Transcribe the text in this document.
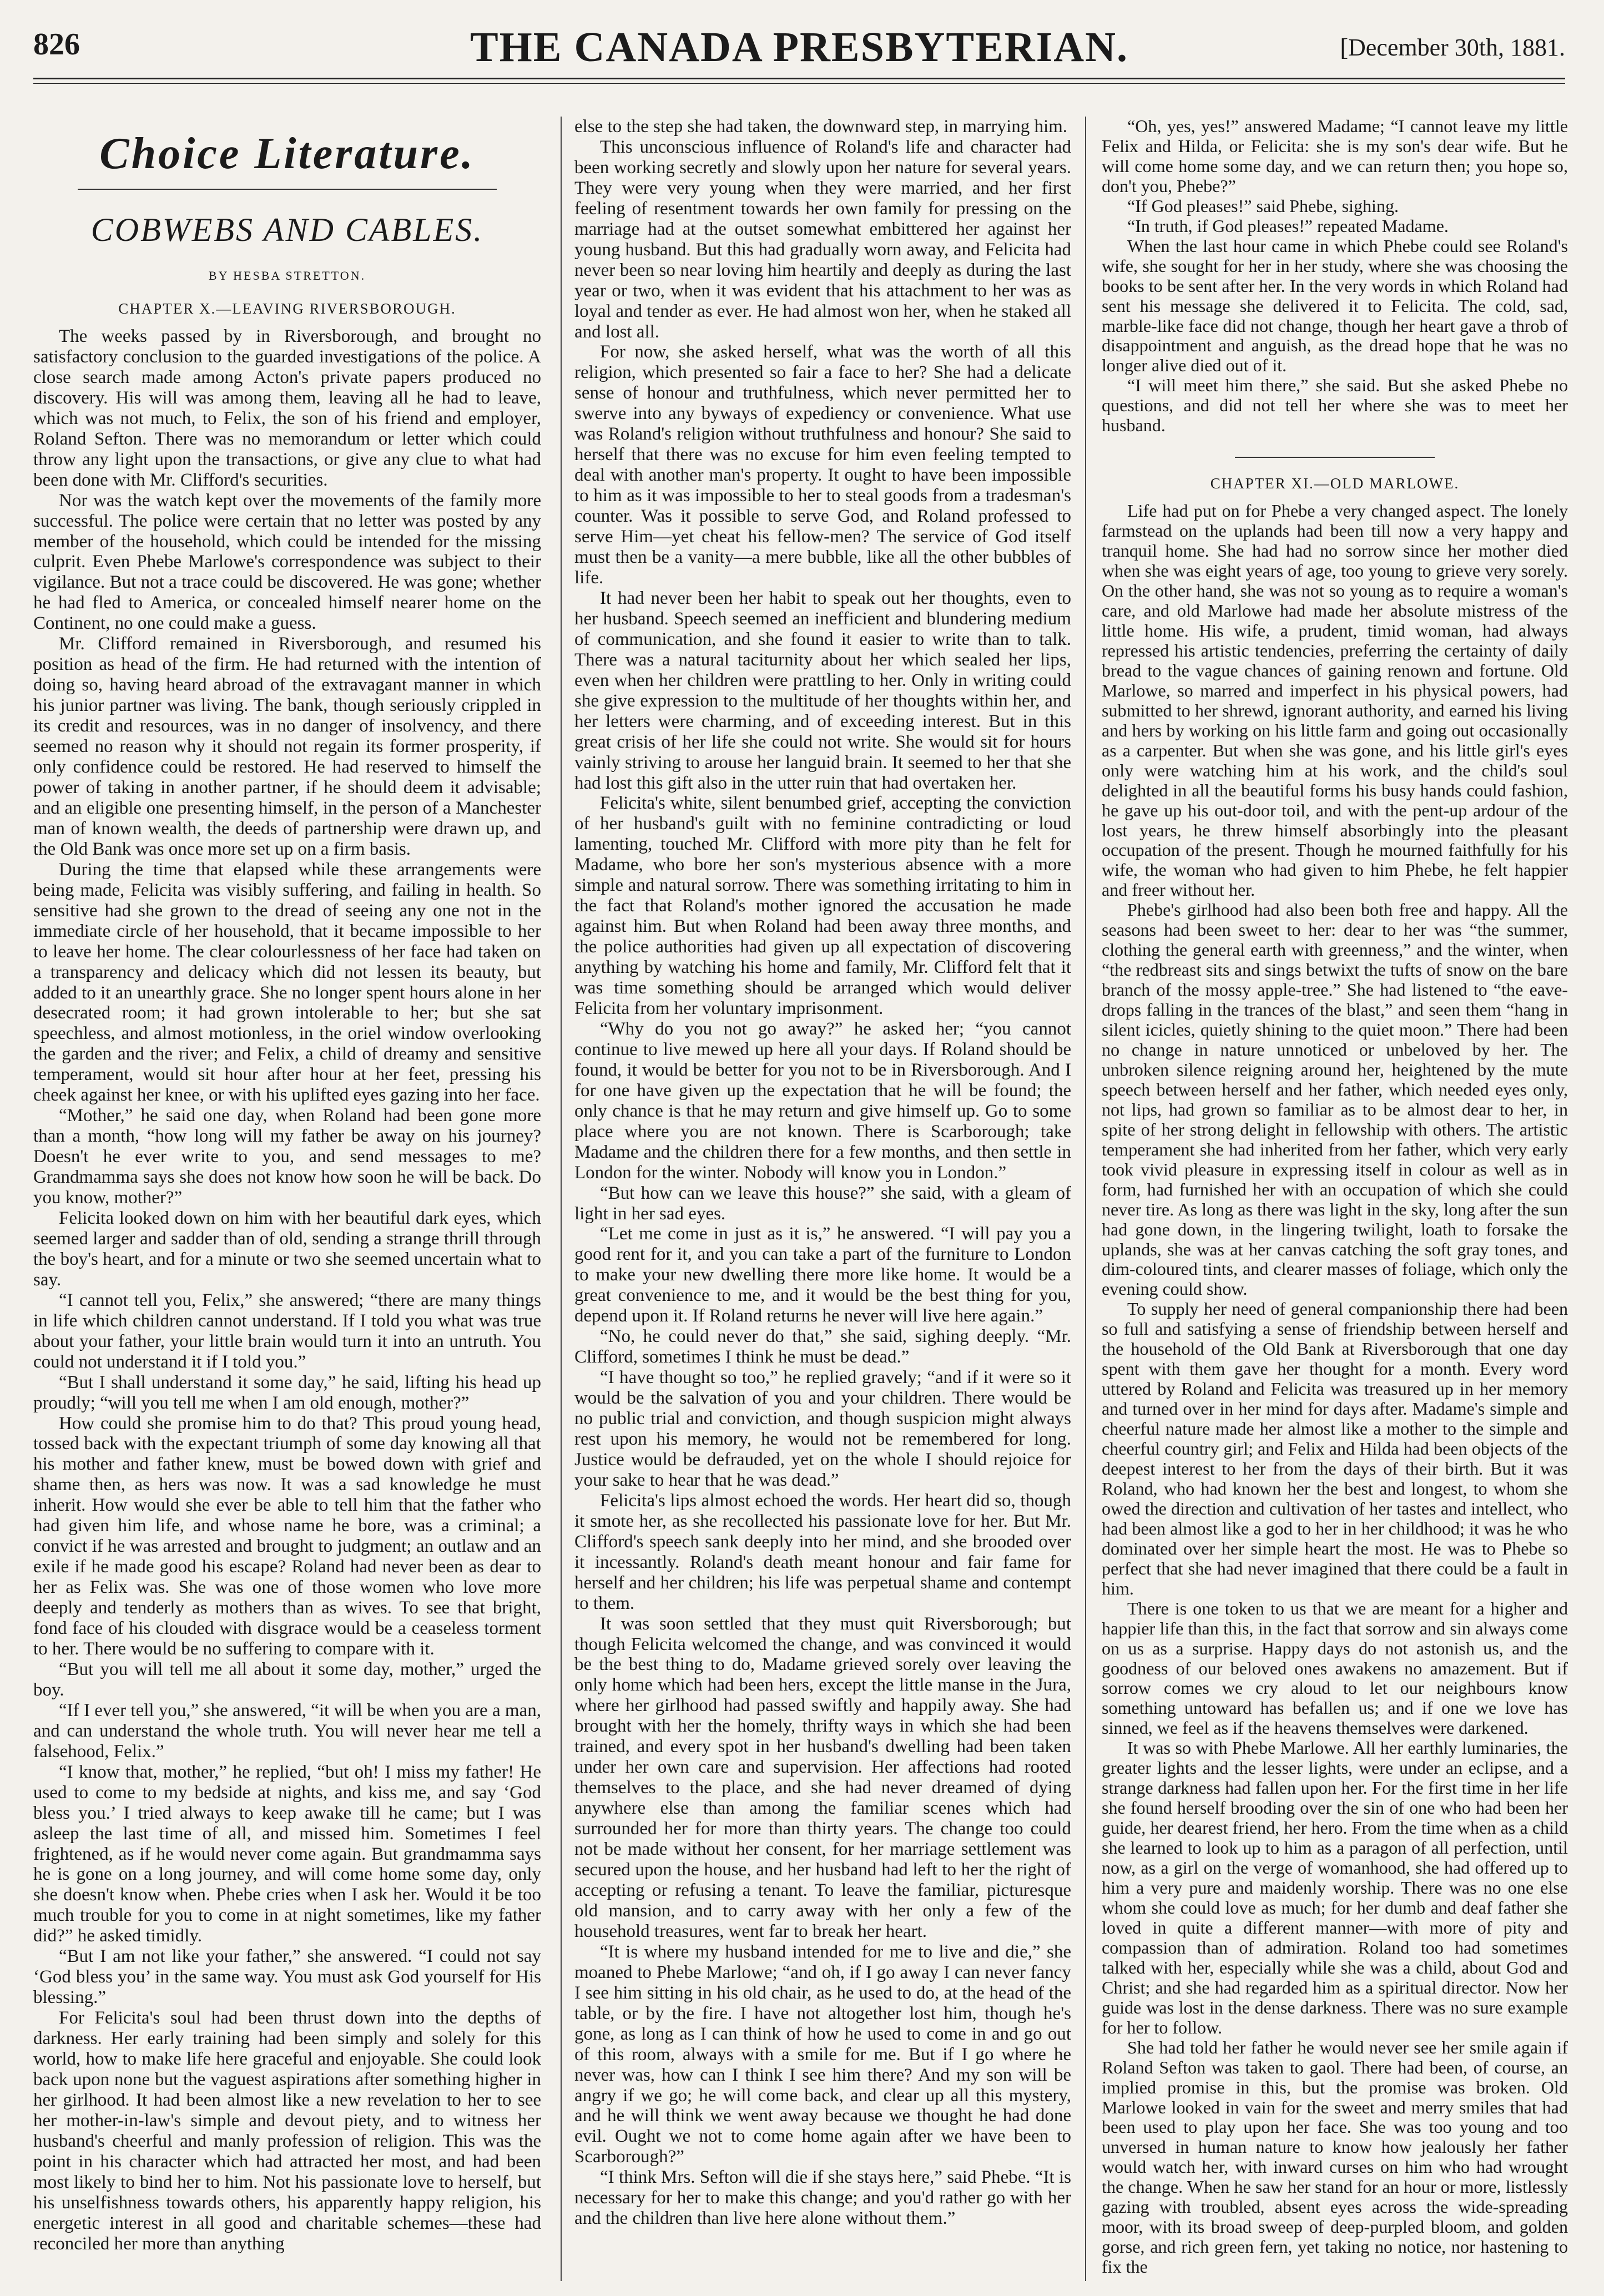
826	THE CANADA PRESBYTERIAN.	[December 30th, 1881.
Choice Literature.
COBWEBS AND CABLES.
BY HESBA STRETTON.
CHAPTER X.—LEAVING RIVERSBOROUGH.

The weeks passed by in Riversborough, and brought no satisfactory conclusion to the guarded investigations of the police. A close search made among Acton's private papers produced no discovery. His will was among them, leaving all he had to leave, which was not much, to Felix, the son of his friend and employer, Roland Sefton. There was no memorandum or letter which could throw any light upon the transactions, or give any clue to what had been done with Mr. Clifford's securities.

Nor was the watch kept over the movements of the family more successful. The police were certain that no letter was posted by any member of the household, which could be intended for the missing culprit. Even Phebe Marlowe's correspondence was subject to their vigilance. But not a trace could be discovered. He was gone; whether he had fled to America, or concealed himself nearer home on the Continent, no one could make a guess.

Mr. Clifford remained in Riversborough, and resumed his position as head of the firm. He had returned with the intention of doing so, having heard abroad of the extravagant manner in which his junior partner was living. The bank, though seriously crippled in its credit and resources, was in no danger of insolvency, and there seemed no reason why it should not regain its former prosperity, if only confidence could be restored. He had reserved to himself the power of taking in another partner, if he should deem it advisable; and an eligible one presenting himself, in the person of a Manchester man of known wealth, the deeds of partnership were drawn up, and the Old Bank was once more set up on a firm basis.

During the time that elapsed while these arrangements were being made, Felicita was visibly suffering, and failing in health. So sensitive had she grown to the dread of seeing any one not in the immediate circle of her household, that it became impossible to her to leave her home. The clear colourlessness of her face had taken on a transparency and delicacy which did not lessen its beauty, but added to it an unearthly grace. She no longer spent hours alone in her desecrated room; it had grown intolerable to her; but she sat speechless, and almost motionless, in the oriel window overlooking the garden and the river; and Felix, a child of dreamy and sensitive temperament, would sit hour after hour at her feet, pressing his cheek against her knee, or with his uplifted eyes gazing into her face.

“Mother,” he said one day, when Roland had been gone more than a month, “how long will my father be away on his journey? Doesn't he ever write to you, and send messages to me? Grandmamma says she does not know how soon he will be back. Do you know, mother?”

Felicita looked down on him with her beautiful dark eyes, which seemed larger and sadder than of old, sending a strange thrill through the boy's heart, and for a minute or two she seemed uncertain what to say.

“I cannot tell you, Felix,” she answered; “there are many things in life which children cannot understand. If I told you what was true about your father, your little brain would turn it into an untruth. You could not understand it if I told you.”

“But I shall understand it some day,” he said, lifting his head up proudly; “will you tell me when I am old enough, mother?”

How could she promise him to do that? This proud young head, tossed back with the expectant triumph of some day knowing all that his mother and father knew, must be bowed down with grief and shame then, as hers was now. It was a sad knowledge he must inherit. How would she ever be able to tell him that the father who had given him life, and whose name he bore, was a criminal; a convict if he was arrested and brought to judgment; an outlaw and an exile if he made good his escape? Roland had never been as dear to her as Felix was. She was one of those women who love more deeply and tenderly as mothers than as wives. To see that bright, fond face of his clouded with disgrace would be a ceaseless torment to her. There would be no suffering to compare with it.

“But you will tell me all about it some day, mother,” urged the boy.

“If I ever tell you,” she answered, “it will be when you are a man, and can understand the whole truth. You will never hear me tell a falsehood, Felix.”

“I know that, mother,” he replied, “but oh! I miss my father! He used to come to my bedside at nights, and kiss me, and say ‘God bless you.’ I tried always to keep awake till he came; but I was asleep the last time of all, and missed him. Sometimes I feel frightened, as if he would never come again. But grandmamma says he is gone on a long journey, and will come home some day, only she doesn't know when. Phebe cries when I ask her. Would it be too much trouble for you to come in at night sometimes, like my father did?” he asked timidly.

“But I am not like your father,” she answered. “I could not say ‘God bless you’ in the same way. You must ask God yourself for His blessing.”

For Felicita's soul had been thrust down into the depths of darkness. Her early training had been simply and solely for this world, how to make life here graceful and enjoyable. She could look back upon none but the vaguest aspirations after something higher in her girlhood. It had been almost like a new revelation to her to see her mother-in-law's simple and devout piety, and to witness her husband's cheerful and manly profession of religion. This was the point in his character which had attracted her most, and had been most likely to bind her to him. Not his passionate love to herself, but his unselfishness towards others, his apparently happy religion, his energetic interest in all good and charitable schemes—these had reconciled her more than anything

else to the step she had taken, the downward step, in marrying him.

This unconscious influence of Roland's life and character had been working secretly and slowly upon her nature for several years. They were very young when they were married, and her first feeling of resentment towards her own family for pressing on the marriage had at the outset somewhat embittered her against her young husband. But this had gradually worn away, and Felicita had never been so near loving him heartily and deeply as during the last year or two, when it was evident that his attachment to her was as loyal and tender as ever. He had almost won her, when he staked all and lost all.

For now, she asked herself, what was the worth of all this religion, which presented so fair a face to her? She had a delicate sense of honour and truthfulness, which never permitted her to swerve into any byways of expediency or convenience. What use was Roland's religion without truthfulness and honour? She said to herself that there was no excuse for him even feeling tempted to deal with another man's property. It ought to have been impossible to him as it was impossible to her to steal goods from a tradesman's counter. Was it possible to serve God, and Roland professed to serve Him—yet cheat his fellow-men? The service of God itself must then be a vanity—a mere bubble, like all the other bubbles of life.

It had never been her habit to speak out her thoughts, even to her husband. Speech seemed an inefficient and blundering medium of communication, and she found it easier to write than to talk. There was a natural taciturnity about her which sealed her lips, even when her children were prattling to her. Only in writing could she give expression to the multitude of her thoughts within her, and her letters were charming, and of exceeding interest. But in this great crisis of her life she could not write. She would sit for hours vainly striving to arouse her languid brain. It seemed to her that she had lost this gift also in the utter ruin that had overtaken her.

Felicita's white, silent benumbed grief, accepting the conviction of her husband's guilt with no feminine contradicting or loud lamenting, touched Mr. Clifford with more pity than he felt for Madame, who bore her son's mysterious absence with a more simple and natural sorrow. There was something irritating to him in the fact that Roland's mother ignored the accusation he made against him. But when Roland had been away three months, and the police authorities had given up all expectation of discovering anything by watching his home and family, Mr. Clifford felt that it was time something should be arranged which would deliver Felicita from her voluntary imprisonment.

“Why do you not go away?” he asked her; “you cannot continue to live mewed up here all your days. If Roland should be found, it would be better for you not to be in Riversborough. And I for one have given up the expectation that he will be found; the only chance is that he may return and give himself up. Go to some place where you are not known. There is Scarborough; take Madame and the children there for a few months, and then settle in London for the winter. Nobody will know you in London.”

“But how can we leave this house?” she said, with a gleam of light in her sad eyes.

“Let me come in just as it is,” he answered. “I will pay you a good rent for it, and you can take a part of the furniture to London to make your new dwelling there more like home. It would be a great convenience to me, and it would be the best thing for you, depend upon it. If Roland returns he never will live here again.”

“No, he could never do that,” she said, sighing deeply. “Mr. Clifford, sometimes I think he must be dead.”

“I have thought so too,” he replied gravely; “and if it were so it would be the salvation of you and your children. There would be no public trial and conviction, and though suspicion might always rest upon his memory, he would not be remembered for long. Justice would be defrauded, yet on the whole I should rejoice for your sake to hear that he was dead.”

Felicita's lips almost echoed the words. Her heart did so, though it smote her, as she recollected his passionate love for her. But Mr. Clifford's speech sank deeply into her mind, and she brooded over it incessantly. Roland's death meant honour and fair fame for herself and her children; his life was perpetual shame and contempt to them.

It was soon settled that they must quit Riversborough; but though Felicita welcomed the change, and was convinced it would be the best thing to do, Madame grieved sorely over leaving the only home which had been hers, except the little manse in the Jura, where her girlhood had passed swiftly and happily away. She had brought with her the homely, thrifty ways in which she had been trained, and every spot in her husband's dwelling had been taken under her own care and supervision. Her affections had rooted themselves to the place, and she had never dreamed of dying anywhere else than among the familiar scenes which had surrounded her for more than thirty years. The change too could not be made without her consent, for her marriage settlement was secured upon the house, and her husband had left to her the right of accepting or refusing a tenant. To leave the familiar, picturesque old mansion, and to carry away with her only a few of the household treasures, went far to break her heart.

“It is where my husband intended for me to live and die,” she moaned to Phebe Marlowe; “and oh, if I go away I can never fancy I see him sitting in his old chair, as he used to do, at the head of the table, or by the fire. I have not altogether lost him, though he's gone, as long as I can think of how he used to come in and go out of this room, always with a smile for me. But if I go where he never was, how can I think I see him there? And my son will be angry if we go; he will come back, and clear up all this mystery, and he will think we went away because we thought he had done evil. Ought we not to come home again after we have been to Scarborough?”

“I think Mrs. Sefton will die if she stays here,” said Phebe. “It is necessary for her to make this change; and you'd rather go with her and the children than live here alone without them.”

“Oh, yes, yes!” answered Madame; “I cannot leave my little Felix and Hilda, or Felicita: she is my son's dear wife. But he will come home some day, and we can return then; you hope so, don't you, Phebe?”

“If God pleases!” said Phebe, sighing.

“In truth, if God pleases!” repeated Madame.

When the last hour came in which Phebe could see Roland's wife, she sought for her in her study, where she was choosing the books to be sent after her. In the very words in which Roland had sent his message she delivered it to Felicita. The cold, sad, marble-like face did not change, though her heart gave a throb of disappointment and anguish, as the dread hope that he was no longer alive died out of it.

“I will meet him there,” she said. But she asked Phebe no questions, and did not tell her where she was to meet her husband.

CHAPTER XI.—OLD MARLOWE.

Life had put on for Phebe a very changed aspect. The lonely farmstead on the uplands had been till now a very happy and tranquil home. She had had no sorrow since her mother died when she was eight years of age, too young to grieve very sorely. On the other hand, she was not so young as to require a woman's care, and old Marlowe had made her absolute mistress of the little home. His wife, a prudent, timid woman, had always repressed his artistic tendencies, preferring the certainty of daily bread to the vague chances of gaining renown and fortune. Old Marlowe, so marred and imperfect in his physical powers, had submitted to her shrewd, ignorant authority, and earned his living and hers by working on his little farm and going out occasionally as a carpenter. But when she was gone, and his little girl's eyes only were watching him at his work, and the child's soul delighted in all the beautiful forms his busy hands could fashion, he gave up his out-door toil, and with the pent-up ardour of the lost years, he threw himself absorbingly into the pleasant occupation of the present. Though he mourned faithfully for his wife, the woman who had given to him Phebe, he felt happier and freer without her.

Phebe's girlhood had also been both free and happy. All the seasons had been sweet to her: dear to her was “the summer, clothing the general earth with greenness,” and the winter, when “the redbreast sits and sings betwixt the tufts of snow on the bare branch of the mossy apple-tree.” She had listened to “the eave-drops falling in the trances of the blast,” and seen them “hang in silent icicles, quietly shining to the quiet moon.” There had been no change in nature unnoticed or unbeloved by her. The unbroken silence reigning around her, heightened by the mute speech between herself and her father, which needed eyes only, not lips, had grown so familiar as to be almost dear to her, in spite of her strong delight in fellowship with others. The artistic temperament she had inherited from her father, which very early took vivid pleasure in expressing itself in colour as well as in form, had furnished her with an occupation of which she could never tire. As long as there was light in the sky, long after the sun had gone down, in the lingering twilight, loath to forsake the uplands, she was at her canvas catching the soft gray tones, and dim-coloured tints, and clearer masses of foliage, which only the evening could show.

To supply her need of general companionship there had been so full and satisfying a sense of friendship between herself and the household of the Old Bank at Riversborough that one day spent with them gave her thought for a month. Every word uttered by Roland and Felicita was treasured up in her memory and turned over in her mind for days after. Madame's simple and cheerful nature made her almost like a mother to the simple and cheerful country girl; and Felix and Hilda had been objects of the deepest interest to her from the days of their birth. But it was Roland, who had known her the best and longest, to whom she owed the direction and cultivation of her tastes and intellect, who had been almost like a god to her in her childhood; it was he who dominated over her simple heart the most. He was to Phebe so perfect that she had never imagined that there could be a fault in him.

There is one token to us that we are meant for a higher and happier life than this, in the fact that sorrow and sin always come on us as a surprise. Happy days do not astonish us, and the goodness of our beloved ones awakens no amazement. But if sorrow comes we cry aloud to let our neighbours know something untoward has befallen us; and if one we love has sinned, we feel as if the heavens themselves were darkened.

It was so with Phebe Marlowe. All her earthly luminaries, the greater lights and the lesser lights, were under an eclipse, and a strange darkness had fallen upon her. For the first time in her life she found herself brooding over the sin of one who had been her guide, her dearest friend, her hero. From the time when as a child she learned to look up to him as a paragon of all perfection, until now, as a girl on the verge of womanhood, she had offered up to him a very pure and maidenly worship. There was no one else whom she could love as much; for her dumb and deaf father she loved in quite a different manner—with more of pity and compassion than of admiration. Roland too had sometimes talked with her, especially while she was a child, about God and Christ; and she had regarded him as a spiritual director. Now her guide was lost in the dense darkness. There was no sure example for her to follow.

She had told her father he would never see her smile again if Roland Sefton was taken to gaol. There had been, of course, an implied promise in this, but the promise was broken. Old Marlowe looked in vain for the sweet and merry smiles that had been used to play upon her face. She was too young and too unversed in human nature to know how jealously her father would watch her, with inward curses on him who had wrought the change. When he saw her stand for an hour or more, listlessly gazing with troubled, absent eyes across the wide-spreading moor, with its broad sweep of deep-purpled bloom, and golden gorse, and rich green fern, yet taking no notice, nor hastening to fix the
